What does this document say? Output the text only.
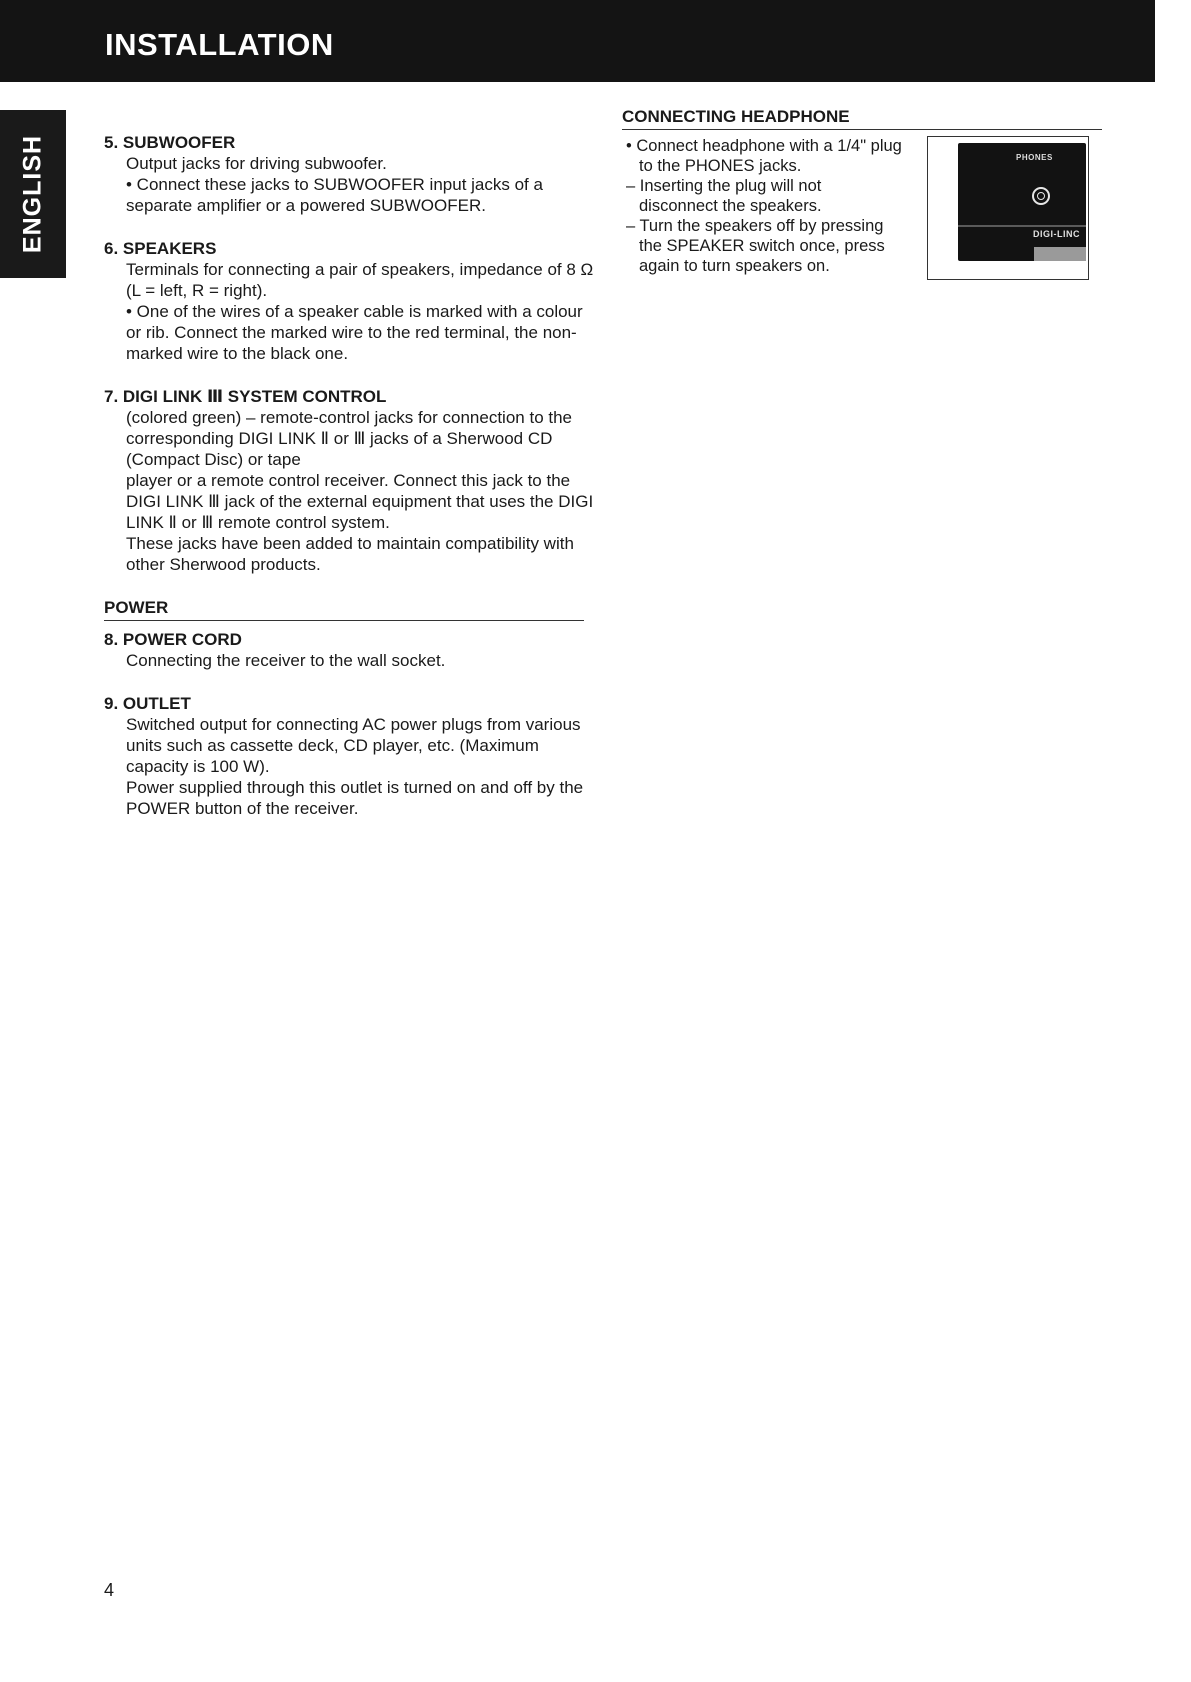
INSTALLATION
ENGLISH	5. SUBWOOFER
Output jacks for driving subwoofer.
• Connect these jacks to SUBWOOFER input jacks of a separate amplifier or a powered SUBWOOFER.
6. SPEAKERS
Terminals for connecting a pair of speakers, impedance of 8 Ω (L = left, R = right).
• One of the wires of a speaker cable is marked with a colour or rib. Connect the marked wire to the red terminal, the non-marked wire to the black one.
7. DIGI LINK Ⅲ SYSTEM CONTROL
(colored green) – remote-control jacks for connection to the corresponding DIGI LINK Ⅱ or Ⅲ jacks of a Sherwood CD (Compact Disc) or tape
player or a remote control receiver. Connect this jack to the DIGI LINK Ⅲ jack of the external equipment that uses the DIGI LINK Ⅱ or Ⅲ remote control system.
These jacks have been added to maintain compatibility with other Sherwood products.
POWER
8. POWER CORD
Connecting the receiver to the wall socket.
9. OUTLET
Switched output for connecting AC power plugs from various units such as cassette deck, CD player, etc. (Maximum capacity is 100 W).
Power supplied through this outlet is turned on and off by the POWER button of the receiver.
CONNECTING HEADPHONE
• Connect headphone with a 1/4" plug to the PHONES jacks.
– Inserting the plug will not disconnect the speakers.
– Turn the speakers off by pressing the SPEAKER switch once, press again to turn speakers on.
PHONES
DIGI-LINC
4
